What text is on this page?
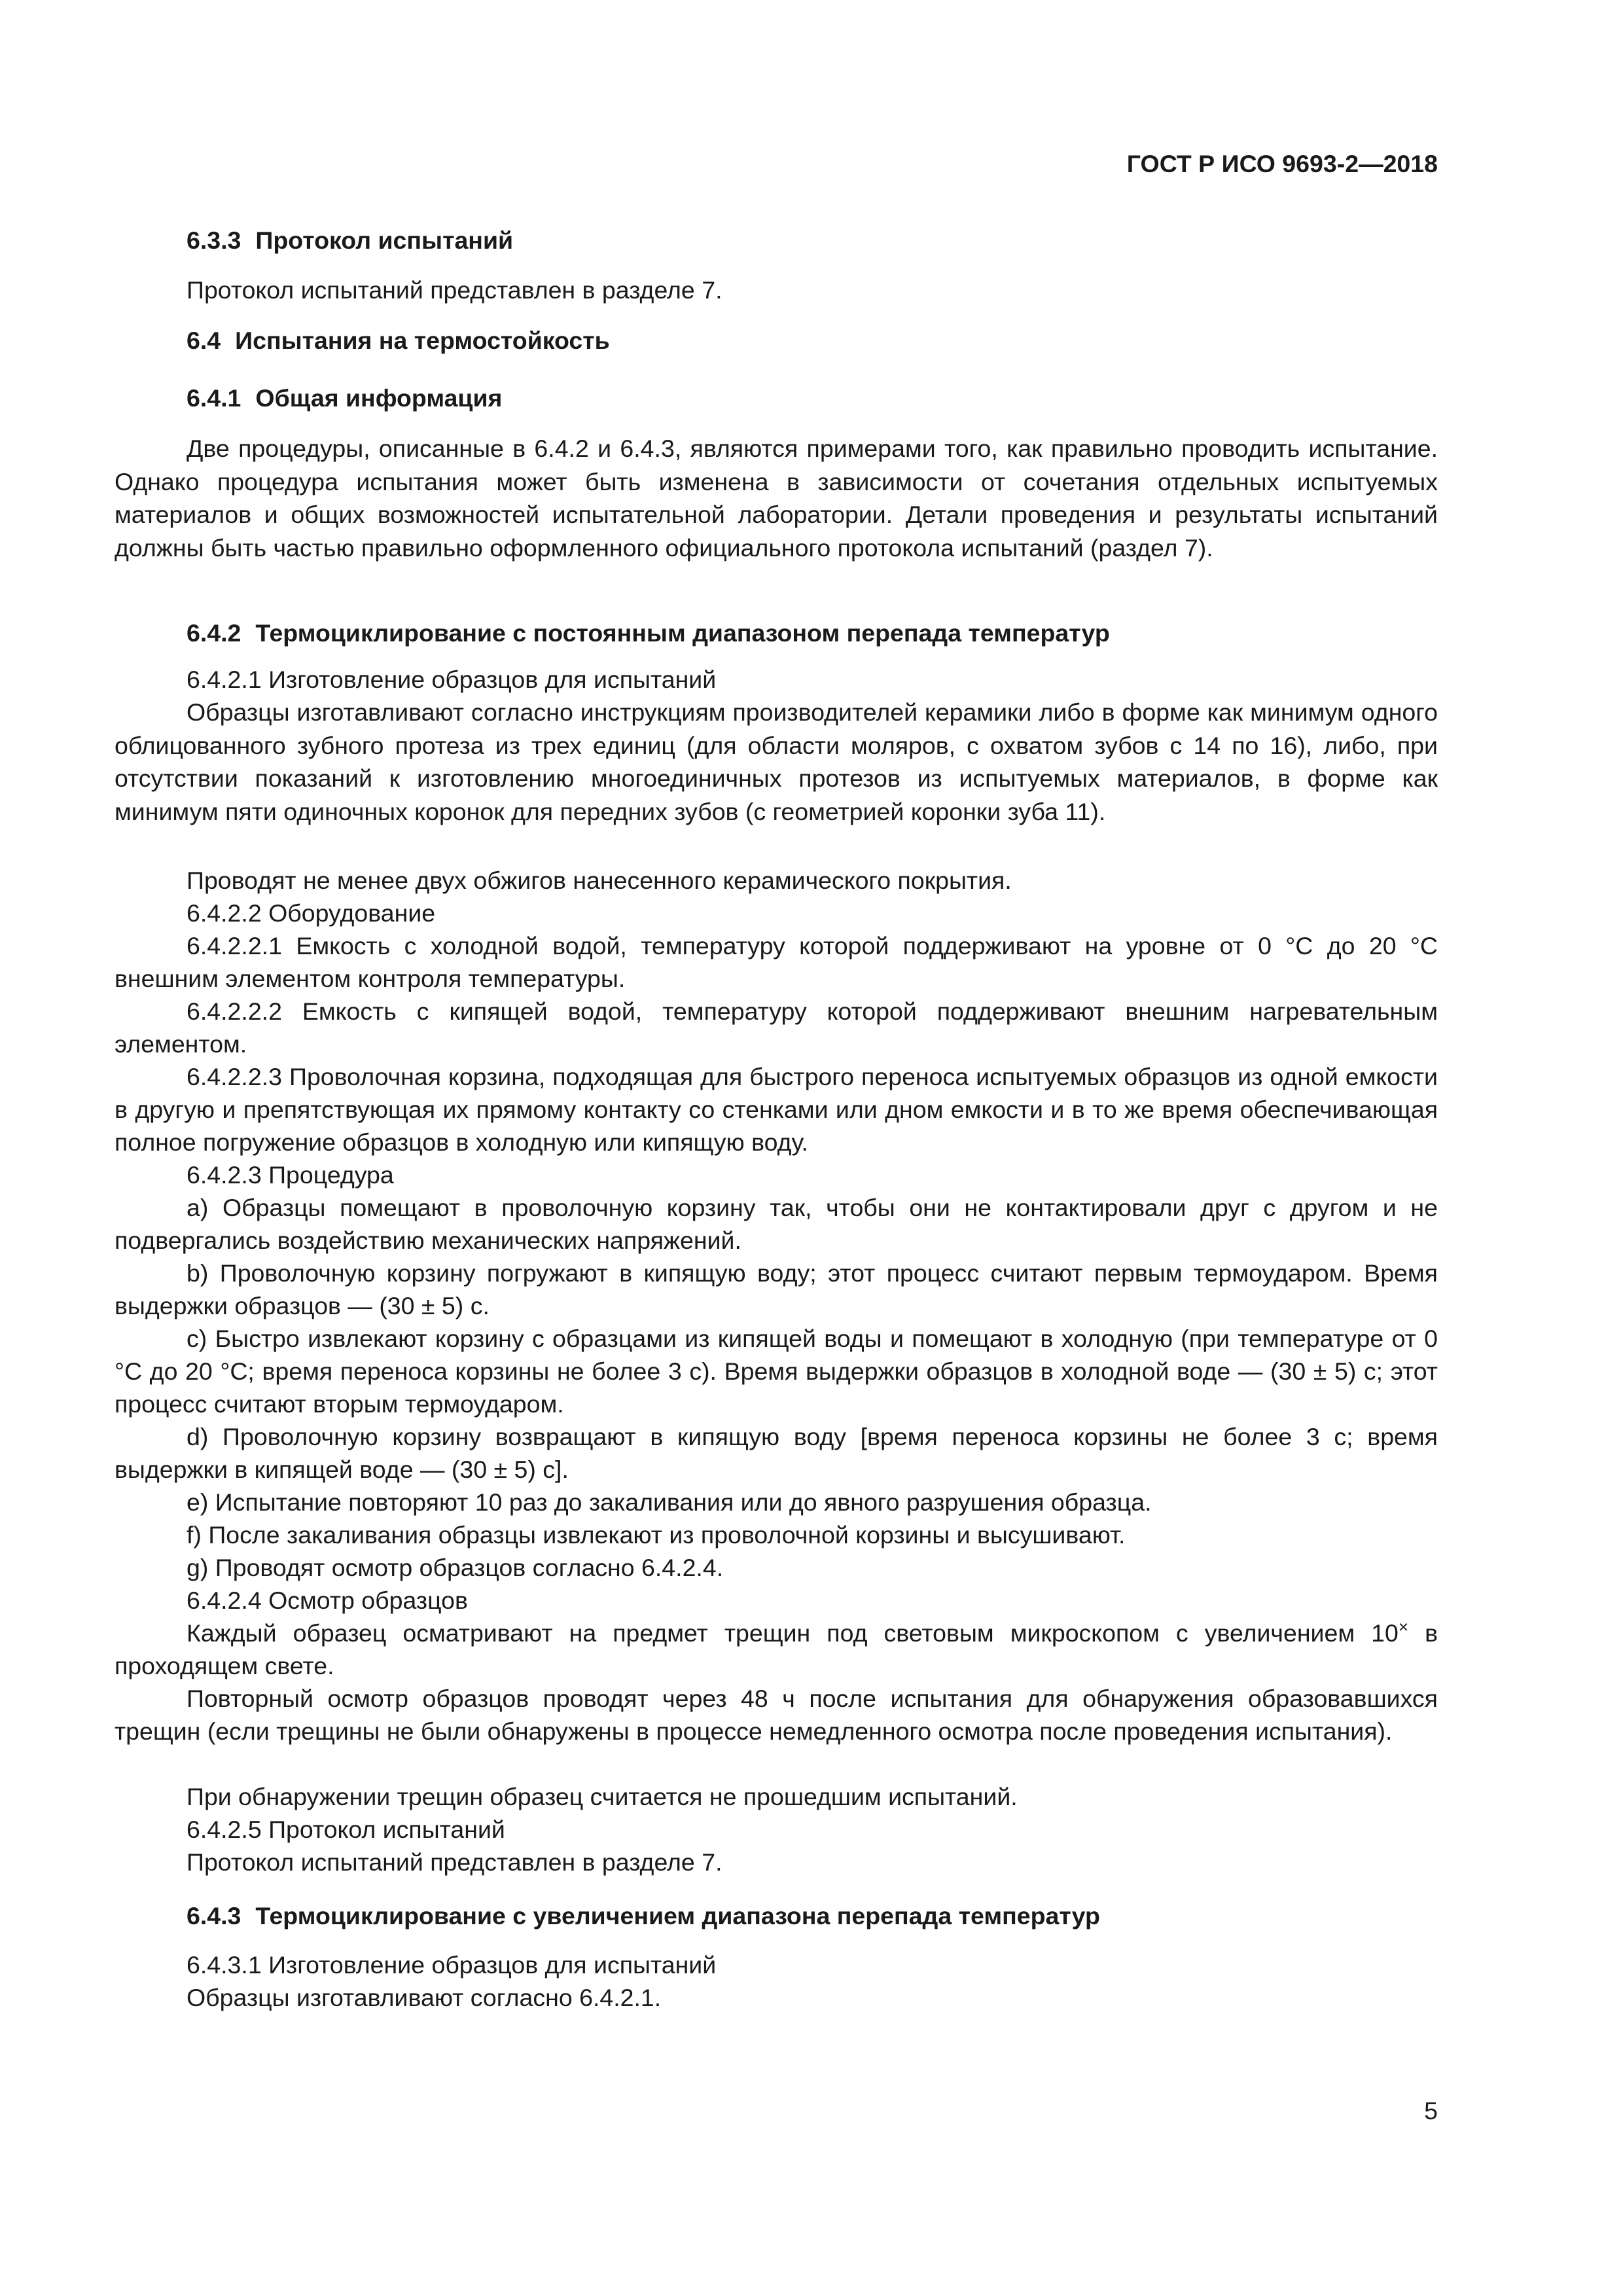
ГОСТ Р ИСО 9693-2—2018
6.3.3 Протокол испытаний
Протокол испытаний представлен в разделе 7.
6.4 Испытания на термостойкость
6.4.1 Общая информация
Две процедуры, описанные в 6.4.2 и 6.4.3, являются примерами того, как правильно проводить испытание. Однако процедура испытания может быть изменена в зависимости от сочетания отдельных испытуемых материалов и общих возможностей испытательной лаборатории. Детали проведения и результаты испытаний должны быть частью правильно оформленного официального протокола испытаний (раздел 7).
6.4.2 Термоциклирование с постоянным диапазоном перепада температур
6.4.2.1 Изготовление образцов для испытаний
Образцы изготавливают согласно инструкциям производителей керамики либо в форме как минимум одного облицованного зубного протеза из трех единиц (для области моляров, с охватом зубов с 14 по 16), либо, при отсутствии показаний к изготовлению многоединичных протезов из испытуемых материалов, в форме как минимум пяти одиночных коронок для передних зубов (с геометрией коронки зуба 11).
Проводят не менее двух обжигов нанесенного керамического покрытия.
6.4.2.2 Оборудование
6.4.2.2.1 Емкость с холодной водой, температуру которой поддерживают на уровне от 0 °С до 20 °С внешним элементом контроля температуры.
6.4.2.2.2 Емкость с кипящей водой, температуру которой поддерживают внешним нагревательным элементом.
6.4.2.2.3 Проволочная корзина, подходящая для быстрого переноса испытуемых образцов из одной емкости в другую и препятствующая их прямому контакту со стенками или дном емкости и в то же время обеспечивающая полное погружение образцов в холодную или кипящую воду.
6.4.2.3 Процедура
a) Образцы помещают в проволочную корзину так, чтобы они не контактировали друг с другом и не подвергались воздействию механических напряжений.
b) Проволочную корзину погружают в кипящую воду; этот процесс считают первым термоударом. Время выдержки образцов — (30 ± 5) с.
c) Быстро извлекают корзину с образцами из кипящей воды и помещают в холодную (при температуре от 0 °С до 20 °С; время переноса корзины не более 3 с). Время выдержки образцов в холодной воде — (30 ± 5) с; этот процесс считают вторым термоударом.
d) Проволочную корзину возвращают в кипящую воду [время переноса корзины не более 3 с; время выдержки в кипящей воде — (30 ± 5) с].
e) Испытание повторяют 10 раз до закаливания или до явного разрушения образца.
f) После закаливания образцы извлекают из проволочной корзины и высушивают.
g) Проводят осмотр образцов согласно 6.4.2.4.
6.4.2.4 Осмотр образцов
Каждый образец осматривают на предмет трещин под световым микроскопом с увеличением 10× в проходящем свете.
Повторный осмотр образцов проводят через 48 ч после испытания для обнаружения образовавшихся трещин (если трещины не были обнаружены в процессе немедленного осмотра после проведения испытания).
При обнаружении трещин образец считается не прошедшим испытаний.
6.4.2.5 Протокол испытаний
Протокол испытаний представлен в разделе 7.
6.4.3 Термоциклирование с увеличением диапазона перепада температур
6.4.3.1 Изготовление образцов для испытаний
Образцы изготавливают согласно 6.4.2.1.
5
